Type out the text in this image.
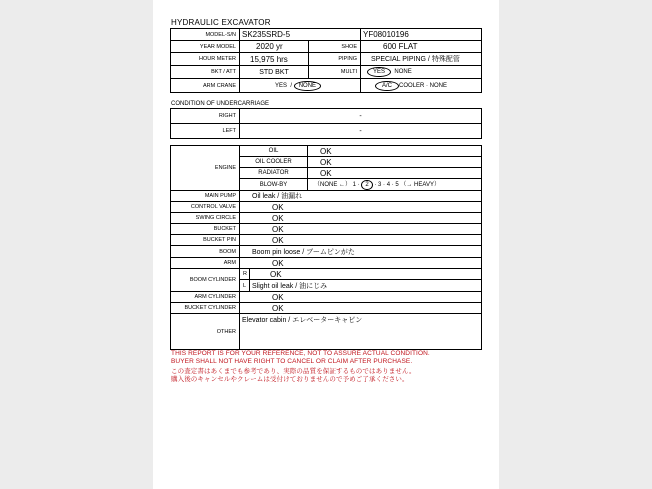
HYDRAULIC EXCAVATOR
MODEL-S/N	SK235SRD-5		YF08010196
YEAR MODEL	2020 yr	SHOE	600 FLAT
HOUR METER	15,975 hrs	PIPING	SPECIAL PIPING / 特殊配管
BKT / ATT	STD BKT	MULTI	YES NONE
ARM CRANE	YES / NONE		A/C COOLER · NONE
CONDITION OF UNDERCARRIAGE
RIGHT	-
LEFT	-
ENGINE	OIL		OK
	OIL COOLER		OK
	RADIATOR		OK
	BLOW-BY		（NONE ←） 1 · 2 · 3 · 4 · 5 （→ HEAVY）
MAIN PUMP	Oil leak / 油漏れ		
CONTROL VALVE	OK		
SWING CIRCLE	OK		
BUCKET	OK		
BUCKET PIN	OK		
BOOM	Boom pin loose / ブームピンがた		
ARM	OK		
BOOM CYLINDER	R	OK	
	L	Slight oil leak / 油にじみ	
ARM CYLINDER	OK		
BUCKET CYLINDER	OK		
OTHER	Elevator cabin / エレベーターキャビン		
THIS REPORT IS FOR YOUR REFERENCE, NOT TO ASSURE ACTUAL CONDITION.
BUYER SHALL NOT HAVE RIGHT TO CANCEL OR CLAIM AFTER PURCHASE.
この査定書はあくまでも参考であり、実際の品質を保証するものではありません。
購入後のキャンセルやクレームは受付けておりませんので予めご了承ください。
